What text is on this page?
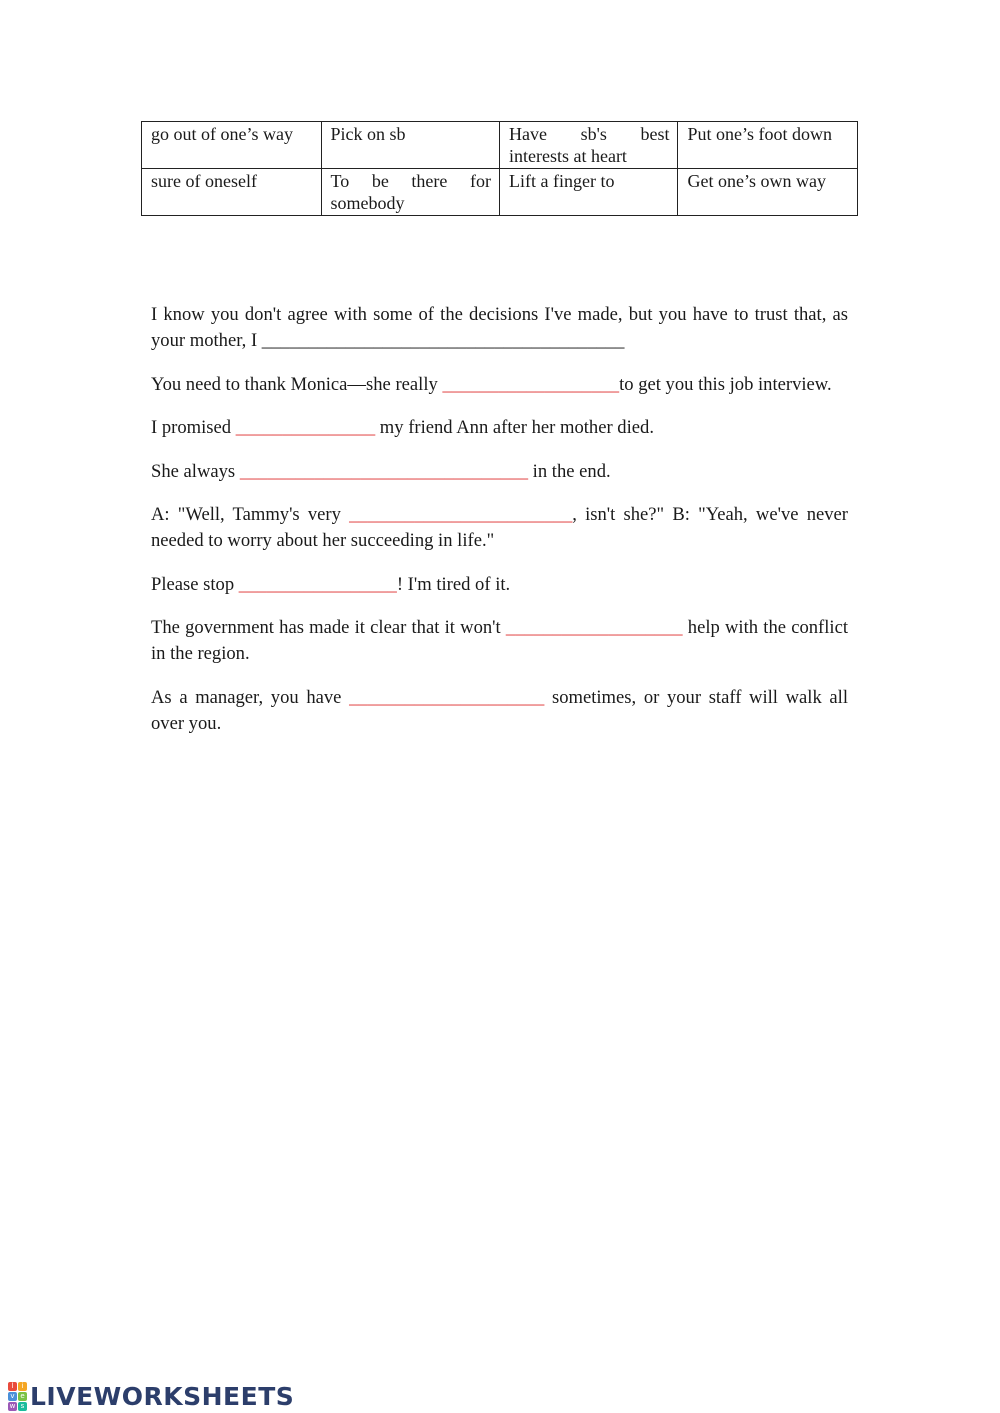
go out of one’s way	Pick on sb	Have sb's best interests at heart	Put one’s foot down
sure of oneself	To be there for somebody	Lift a finger to	Get one’s own way

I know you don't agree with some of the decisions I've made, but you have to trust that, as your mother, I _______________________________________

You need to thank Monica—she really ___________________to get you this job interview.

I promised _______________ my friend Ann after her mother died.

She always _______________________________ in the end.

A: "Well, Tammy's very ________________________, isn't she?" B: "Yeah, we've never needed to worry about her succeeding in life."

Please stop _________________! I'm tired of it.

The government has made it clear that it won't ___________________ help with the conflict in the region.

As a manager, you have _____________________ sometimes, or your staff will walk all over you.

l	i
v e
w s LIVEWORKSHEETS
